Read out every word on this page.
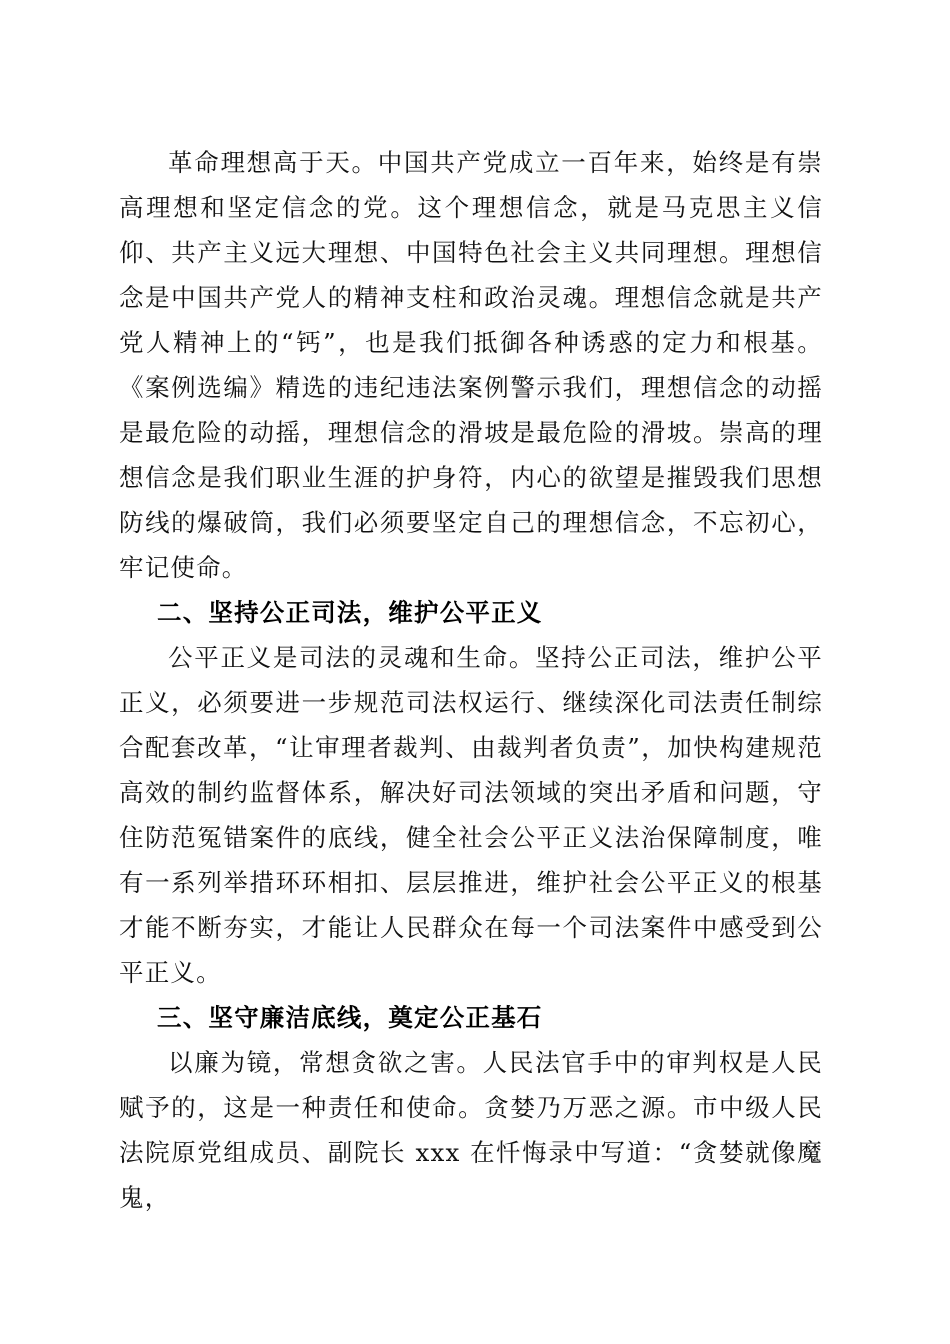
革命理想高于天。中国共产党成立一百年来，始终是有崇高理想和坚定信念的党。这个理想信念，就是马克思主义信仰、共产主义远大理想、中国特色社会主义共同理想。理想信念是中国共产党人的精神支柱和政治灵魂。理想信念就是共产党人精神上的“钙”，也是我们抵御各种诱惑的定力和根基。《案例选编》精选的违纪违法案例警示我们，理想信念的动摇是最危险的动摇，理想信念的滑坡是最危险的滑坡。崇高的理想信念是我们职业生涯的护身符，内心的欲望是摧毁我们思想防线的爆破筒，我们必须要坚定自己的理想信念，不忘初心，牢记使命。

二、坚持公正司法，维护公平正义

公平正义是司法的灵魂和生命。坚持公正司法，维护公平正义，必须要进一步规范司法权运行、继续深化司法责任制综合配套改革，“让审理者裁判、由裁判者负责”，加快构建规范高效的制约监督体系，解决好司法领域的突出矛盾和问题，守住防范冤错案件的底线，健全社会公平正义法治保障制度，唯有一系列举措环环相扣、层层推进，维护社会公平正义的根基才能不断夯实，才能让人民群众在每一个司法案件中感受到公平正义。

三、坚守廉洁底线，奠定公正基石

以廉为镜，常想贪欲之害。人民法官手中的审判权是人民赋予的，这是一种责任和使命。贪婪乃万恶之源。市中级人民法院原党组成员、副院长 xxx 在忏悔录中写道：“贪婪就像魔鬼，
